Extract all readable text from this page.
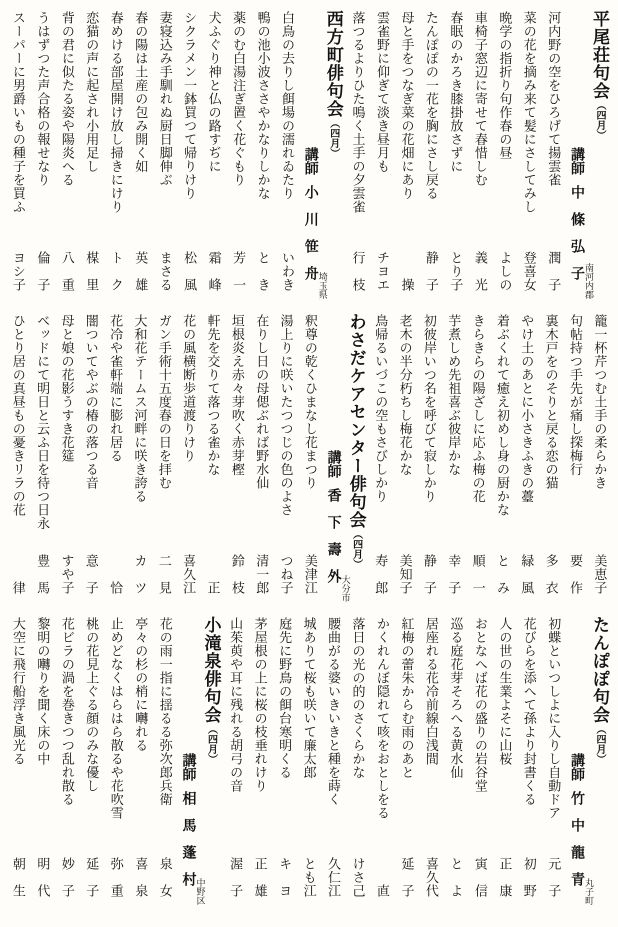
平尾荘句会（四月）
講師
中條弘子 南河内郡
河内野の空をひろげて揚雲雀
潤　子
菜の花を摘み来て髪にさしてみし
登喜女
晩学の指折り句作春の昼
よしの
車椅子窓辺に寄せて春惜しむ
義　光
春眠のかろき膝掛放さずに
とり子
たんぽぽの一花を胸にさし戻る
静　子
母と手をつなぎ菜の花畑にあり
操
雲雀野に仰ぎて淡き昼月も
チヨエ
落つるよりひた鳴く土手の夕雲雀
行　枝
西方町俳句会（四月）
講師
小川笹舟 埼玉県
白鳥の去りし餌場の濡れゐたり
いわき
鴨の池小波ささやかなりしかな
と　き
薬のむ白湯注ぎ置く花ぐもり
芳　一
犬ふぐり神と仏の路すぢに
霜　峰
シクラメン一鉢買つて帰りけり
松　風
妻寝込み手馴れぬ厨日脚伸ぶ
まさる
春の陽は土産の包み開く如
英　雄
春めける部屋開け放し掃きにけり
ト　ク
恋猫の声に起され小用足し
楳　里
背の君に似たる姿や陽炎へる
八　重
うはずつた声合格の報せなり
倫　子
スーパーに男爵いもの種子を買ふ
ヨシ子
籠一杯芹つむ土手の柔らかき
美恵子
句帖持つ手先が痛し探梅行
要　作
裏木戸をのそりと戻る恋の猫
多　衣
やけ土のあとに小さきふきの薹
緑　風
着ぶくれて癒え初めし身の厨かな
と　み
きらきらの陽ざしに応ふ梅の花
順　一
芋煮しめ先祖喜ぶ彼岸かな
幸　子
初彼岸いつ名を呼びて寂しかり
静　子
老木の半分朽ちし梅花かな
美知子
鳥帰るいづこの空もさびしかり
寿　郎
わさだケアセンター俳句会（四月）
講師
香下壽外 大分市
釈尊の乾くひまなし花まつり
美津江
湯上りに咲いたつつじの色のよさ
つね子
在りし日の母偲ぶれば野水仙
清一郎
垣根炎え赤々芽吹く赤芽樫
鈴　枝
軒先を交りて落つる雀かな
正
花の風横断歩道渡りけり
喜久江
ガン手術十五度春の日を拝む
二　見
大和花テームス河畔に咲き誇る
カ　ツ
花冷や雀軒端に膨れ居る
恰
闇ついてやぶの椿の落つる音
意　子
母と娘の花影うすき花筵
すや子
ベッドにて明日と云ふ日を待つ日永
豊　馬
ひとり居の真昼もの憂きリラの花
律
たんぽぽ句会（四月）
講師
竹中龍青 丸子町
初蝶といつしよに入りし自動ドア
元　子
花びらを添へて孫より封書くる
初　野
人の世の生業よそに山桜
正　康
おとなへば花の盛りの岩谷堂
寅　信
巡る庭花芽そろへる黄水仙
と　よ
居座れる花冷前線白浅間
喜久代
紅梅の蕾朱からむ雨のあと
延　子
かくれんぼ隠れて咳をおとしをる
直
落日の光の的のさくらかな
けさ己
腰曲がる婆いきいきと種を蒔く
久仁江
城ありて桜も咲いて廉太郎
とも江
庭先に野鳥の餌台寒明くる
キ　ヨ
茅屋根の上に桜の枝垂れけり
正　雄
山茱萸や耳に残れる胡弓の音
渥　子
小滝泉俳句会（四月）
講師
相馬蓬村 中野区
花の雨一指に揺るる弥次郎兵衛
泉　女
亭々の杉の梢に囀れる
喜　泉
止めどなくはらはら散るや花吹雪
弥　重
桃の花見上ぐる顔のみな優し
延　子
花ビラの渦を巻きつつ乱れ散る
妙　子
黎明の囀りを聞く床の中
明　代
大空に飛行船浮き風光る
朝　生
